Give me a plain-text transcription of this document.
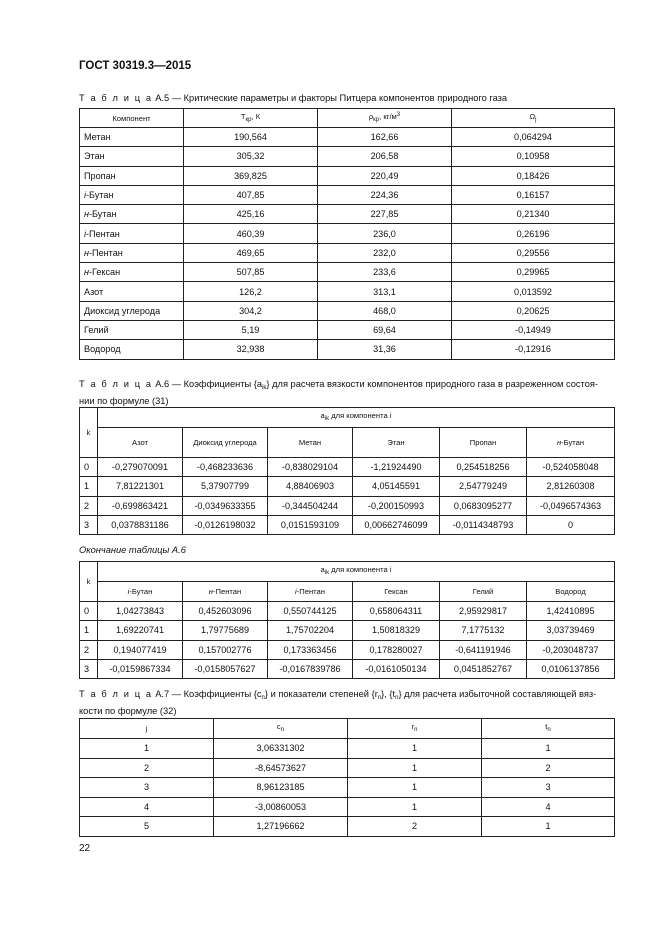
ГОСТ 30319.3—2015
Т а б л и ц а А.5 — Критические параметры и факторы Питцера компонентов природного газа
Компонент	$T_{кр}$, К	$\rho_{кр}$, $кг/м^3$	$\Omega_j$
Метан	190,564	162,66	0,064294
Этан	305,32	206,58	0,10958
Пропан	369,825	220,49	0,18426
i-Бутан	407,85	224,36	0,16157
н-Бутан	425,16	227,85	0,21340
i-Пентан	460,39	236,0	0,26196
н-Пентан	469,65	232,0	0,29556
н-Гексан	507,85	233,6	0,29965
Азот	126,2	313,1	0,013592
Диоксид углерода	304,2	468,0	0,20625
Гелий	5,19	69,64	-0,14949
Водород	32,938	31,36	-0,12916
Т а б л и ц а А.6 — Коэффициенты $\{a_{ik}\}$ для расчета вязкости компонентов природного газа в разреженном состоя-
нии по формуле (31)
k	$a_{ik}$ для компонента i					
	Азот	Диоксид углерода	Метан	Этан	Пропан	н-Бутан
0	-0,279070091	-0,468233636	-0,838029104	-1,21924490	0,254518256	-0,524058048
1	7,81221301	5,37907799	4,88406903	4,05145591	2,54779249	2,81260308
2	-0,699863421	-0,0349633355	-0,344504244	-0,200150993	0,0683095277	-0,0496574363
3	0,0378831186	-0,0126198032	0,0151593109	0,00662746099	-0,0114348793	0
Окончание таблицы А.6
k	$a_{ik}$ для компонента i					
	i-Бутан	н-Пентан	i-Пентан	Гексан	Гелий	Водород
0	1,04273843	0,452603096	0,550744125	0,658064311	2,95929817	1,42410895
1	1,69220741	1,79775689	1,75702204	1,50818329	7,1775132	3,03739469
2	0,194077419	0,157002776	0,173363456	0,178280027	-0,641191946	-0,203048737
3	-0,0159867334	-0,0158057627	-0,0167839786	-0,0161050134	0,0451852767	0,0106137856
Т а б л и ц а А.7 — Коэффициенты $\{c_n\}$ и показатели степеней $\{r_n\}$, $\{t_n\}$ для расчета избыточной составляющей вяз-
кости по формуле (32)
j	$c_n$	$r_n$	$t_n$
1	3,06331302	1	1
2	-8,64573627	1	2
3	8,96123185	1	3
4	-3,00860053	1	4
5	1,27196662	2	1
22
